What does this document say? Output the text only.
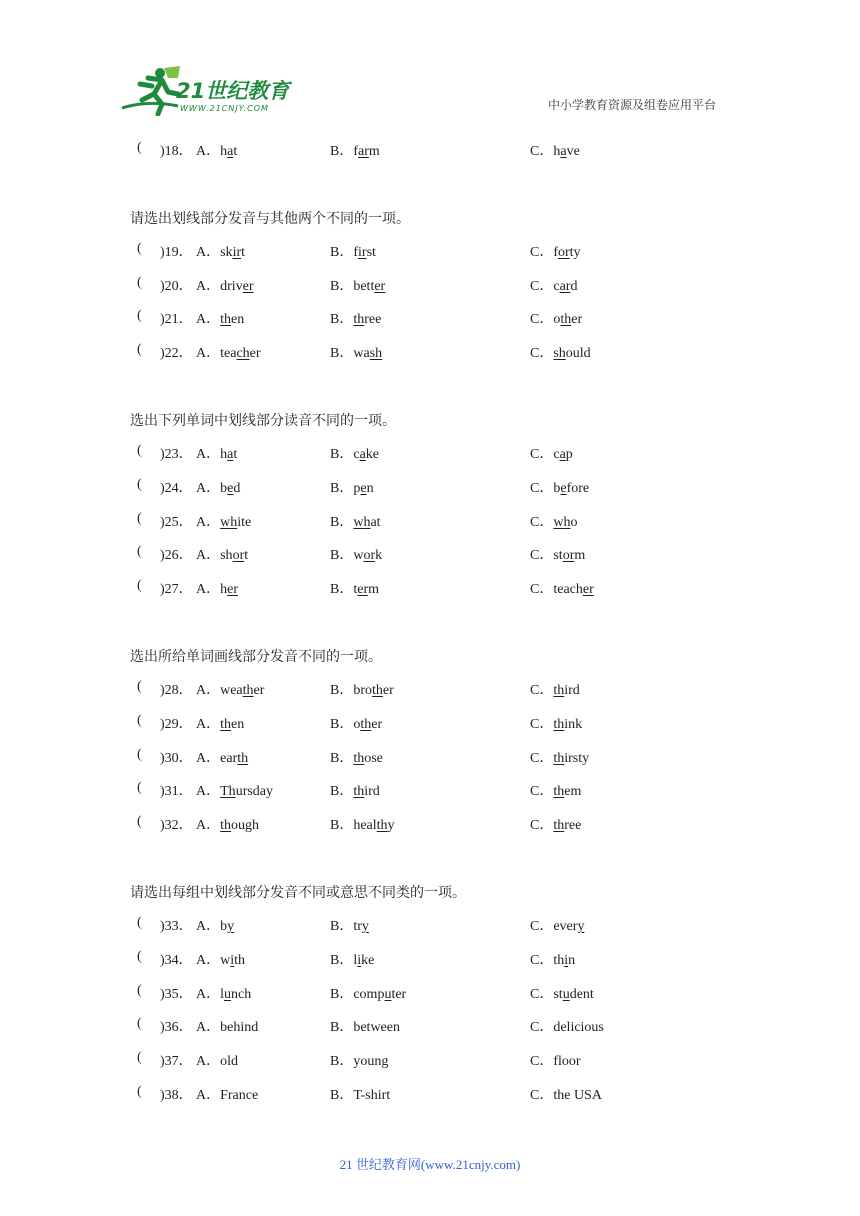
21世纪教育
WWW.21CNJY.COM	中小学教育资源及组卷应用平台
( )18． A．hat	B．farm	C．have
请选出划线部分发音与其他两个不同的一项。
( )19． A．skirt	B．first	C．forty
( )20． A．driver	B．better	C．card
( )21． A．then	B．three	C．other
( )22． A．teacher	B．wash	C．should
选出下列单词中划线部分读音不同的一项。
( )23． A．hat	B．cake	C．cap
( )24． A．bed	B．pen	C．before
( )25． A．white	B．what	C．who
( )26． A．short	B．work	C．storm
( )27． A．her	B．term	C．teacher
选出所给单词画线部分发音不同的一项。
( )28． A．weather	B．brother	C．third
( )29． A．then	B．other	C．think
( )30． A．earth	B．those	C．thirsty
( )31． A．Thursday	B．third	C．them
( )32． A．though	B．healthy	C．three
请选出每组中划线部分发音不同或意思不同类的一项。
( )33． A．by	B．try	C．every
( )34． A．with	B．like	C．thin
( )35． A．lunch	B．computer	C．student
( )36． A．behind	B．between	C．delicious
( )37． A．old	B．young	C．floor
( )38． A．France	B．T-shirt	C．the USA
21 世纪教育网(www.21cnjy.com)
